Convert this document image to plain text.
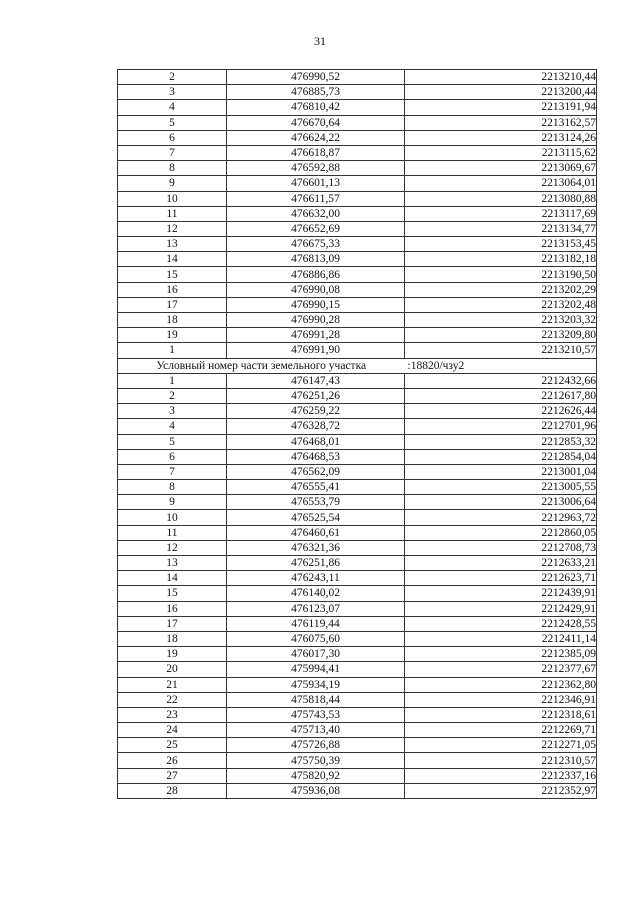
31
2	476990,52	2213210,44
3	476885,73	2213200,44
4	476810,42	2213191,94
5	476670,64	2213162,57
6	476624,22	2213124,26
7	476618,87	2213115,62
8	476592,88	2213069,67
9	476601,13	2213064,01
10	476611,57	2213080,88
11	476632,00	2213117,69
12	476652,69	2213134,77
13	476675,33	2213153,45
14	476813,09	2213182,18
15	476886,86	2213190,50
16	476990,08	2213202,29
17	476990,15	2213202,48
18	476990,28	2213203,32
19	476991,28	2213209,80
1	476991,90	2213210,57
Условный номер части земельного участка		:18820/чзу2
1	476147,43	2212432,66
2	476251,26	2212617,80
3	476259,22	2212626,44
4	476328,72	2212701,96
5	476468,01	2212853,32
6	476468,53	2212854,04
7	476562,09	2213001,04
8	476555,41	2213005,55
9	476553,79	2213006,64
10	476525,54	2212963,72
11	476460,61	2212860,05
12	476321,36	2212708,73
13	476251,86	2212633,21
14	476243,11	2212623,71
15	476140,02	2212439,91
16	476123,07	2212429,91
17	476119,44	2212428,55
18	476075,60	2212411,14
19	476017,30	2212385,09
20	475994,41	2212377,67
21	475934,19	2212362,80
22	475818,44	2212346,91
23	475743,53	2212318,61
24	475713,40	2212269,71
25	475726,88	2212271,05
26	475750,39	2212310,57
27	475820,92	2212337,16
28	475936,08	2212352,97
